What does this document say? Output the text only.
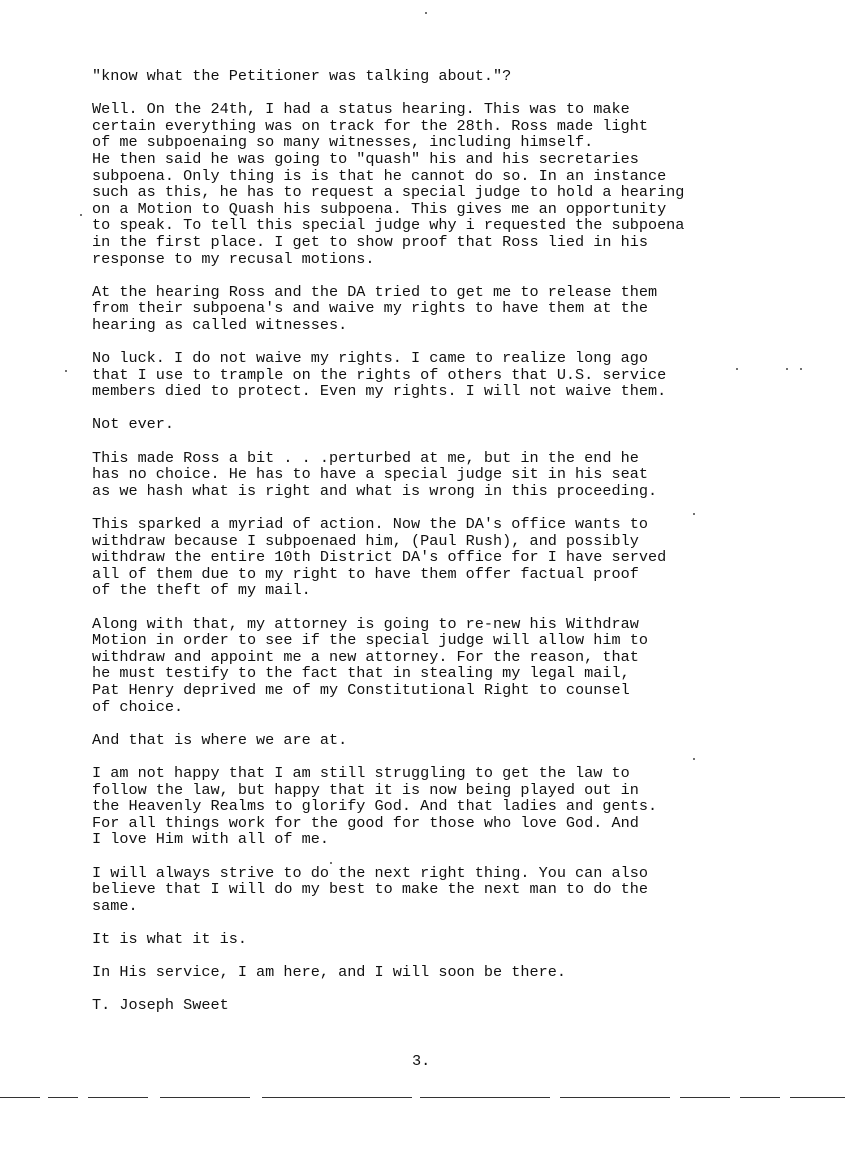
"know what the Petitioner was talking about."?
Well. On the 24th, I had a status hearing. This was to make
certain everything was on track for the 28th. Ross made light
of me subpoenaing so many witnesses, including himself.
He then said he was going to "quash" his and his secretaries
subpoena. Only thing is is that he cannot do so. In an instance
such as this, he has to request a special judge to hold a hearing
on a Motion to Quash his subpoena. This gives me an opportunity
to speak. To tell this special judge why i requested the subpoena
in the first place. I get to show proof that Ross lied in his
response to my recusal motions.
At the hearing Ross and the DA tried to get me to release them
from their subpoena's and waive my rights to have them at the
hearing as called witnesses.
No luck. I do not waive my rights. I came to realize long ago
that I use to trample on the rights of others that U.S. service
members died to protect. Even my rights. I will not waive them.
Not ever.
This made Ross a bit . . .perturbed at me, but in the end he
has no choice. He has to have a special judge sit in his seat
as we hash what is right and what is wrong in this proceeding.
This sparked a myriad of action. Now the DA's office wants to
withdraw because I subpoenaed him, (Paul Rush), and possibly
withdraw the entire 10th District DA's office for I have served
all of them due to my right to have them offer factual proof
of the theft of my mail.
Along with that, my attorney is going to re-new his Withdraw
Motion in order to see if the special judge will allow him to
withdraw and appoint me a new attorney. For the reason, that
he must testify to the fact that in stealing my legal mail,
Pat Henry deprived me of my Constitutional Right to counsel
of choice.
And that is where we are at.
I am not happy that I am still struggling to get the law to
follow the law, but happy that it is now being played out in
the Heavenly Realms to glorify God. And that ladies and gents.
For all things work for the good for those who love God. And
I love Him with all of me.
I will always strive to do the next right thing. You can also
believe that I will do my best to make the next man to do the
same.
It is what it is.
In His service, I am here, and I will soon be there.
T. Joseph Sweet
3.
